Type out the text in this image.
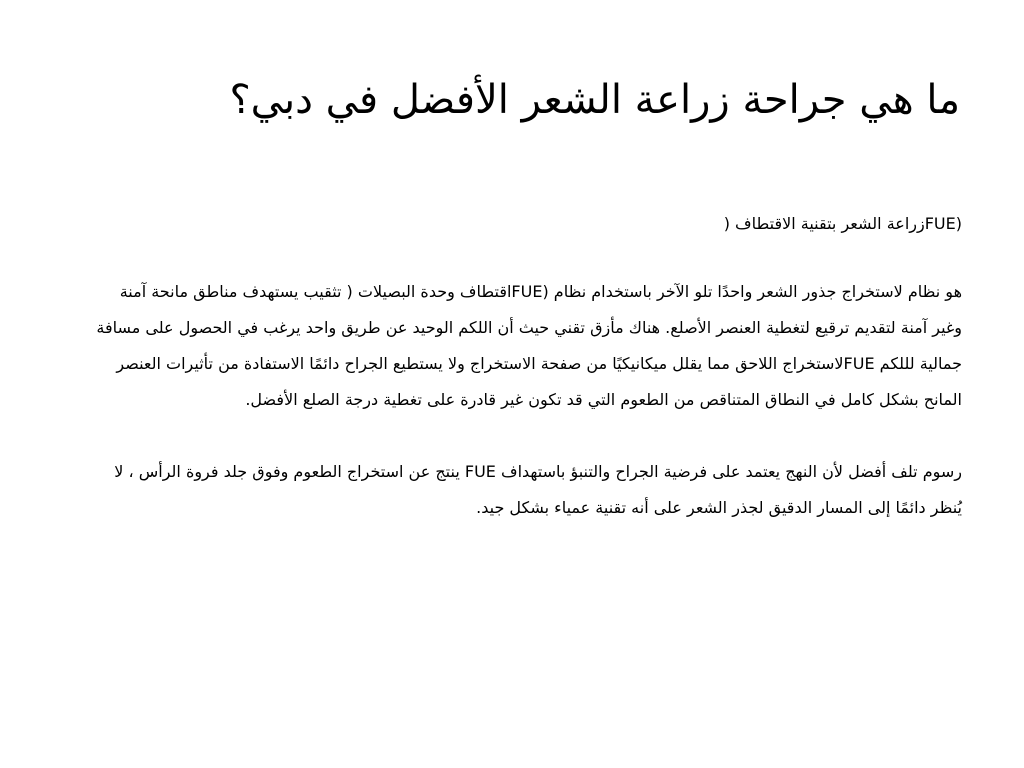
ما هي جراحة زراعة الشعر الأفضل في دبي؟

(FUEزراعة الشعر بتقنية الاقتطاف (

هو نظام لاستخراج جذور الشعر واحدًا تلو الآخر باستخدام نظام (FUEاقتطاف وحدة البصيلات ( تثقيب يستهدف مناطق مانحة آمنة وغير آمنة لتقديم ترقيع لتغطية العنصر الأصلع. هناك مأزق تقني حيث أن اللكم الوحيد عن طريق واحد يرغب في الحصول على مسافة جمالية لللكم FUEلاستخراج اللاحق مما يقلل ميكانيكيًا من صفحة الاستخراج ولا يستطيع الجراح دائمًا الاستفادة من تأثيرات العنصر المانح بشكل كامل في النطاق المتناقص من الطعوم التي قد تكون غير قادرة على تغطية درجة الصلع الأفضل.

رسوم تلف أفضل لأن النهج يعتمد على فرضية الجراح والتنبؤ باستهداف FUE ينتج عن استخراج الطعوم وفوق جلد فروة الرأس ، لا يُنظر دائمًا إلى المسار الدقيق لجذر الشعر على أنه تقنية عمياء بشكل جيد.
